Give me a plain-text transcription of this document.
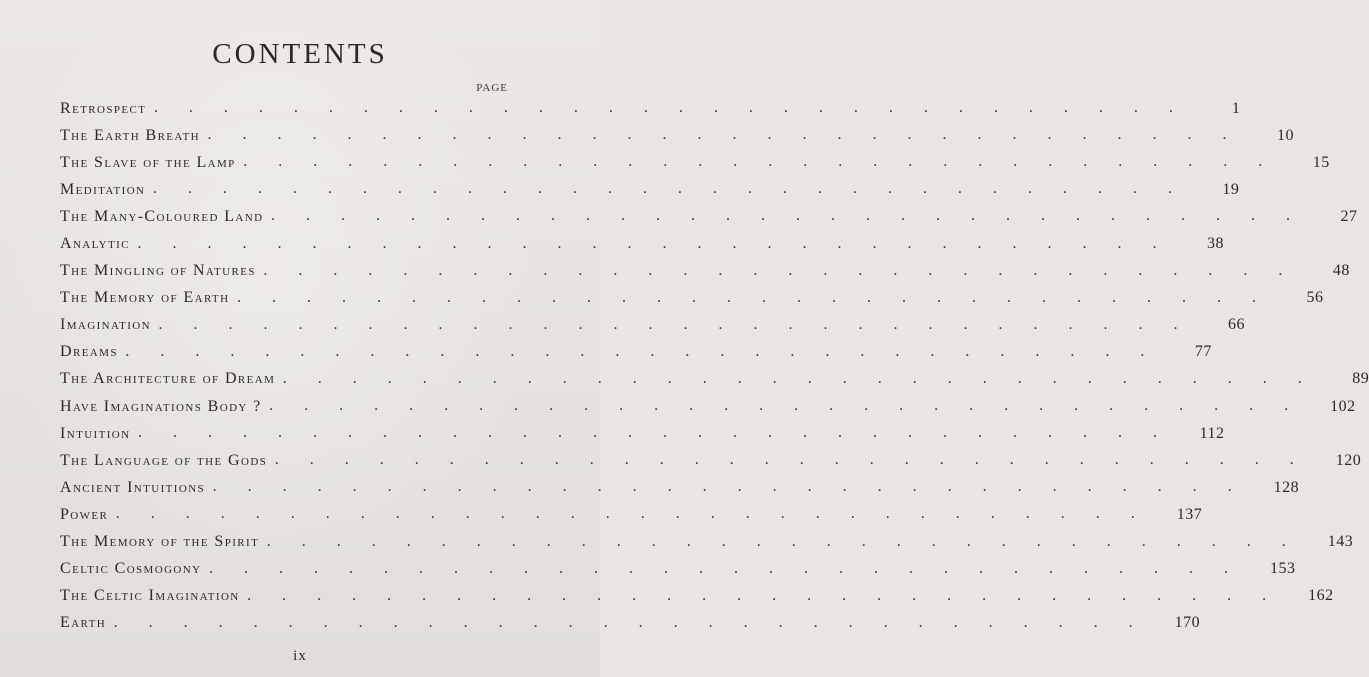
CONTENTS
PAGE
Retrospect ..............................	1
The Earth Breath ..............................	10
The Slave of the Lamp ..............................	15
Meditation ..............................	19
The Many-Coloured Land ..............................	27
Analytic ..............................	38
The Mingling of Natures ..............................	48
The Memory of Earth ..............................	56
Imagination ..............................	66
Dreams ..............................	77
The Architecture of Dream ..............................	89
Have Imaginations Body ? .............................. 102
Intuition .............................. 112
The Language of the Gods .............................. 120
Ancient Intuitions .............................. 128
Power .............................. 137
The Memory of the Spirit .............................. 143
Celtic Cosmogony .............................. 153
The Celtic Imagination .............................. 162
Earth .............................. 170
ix
